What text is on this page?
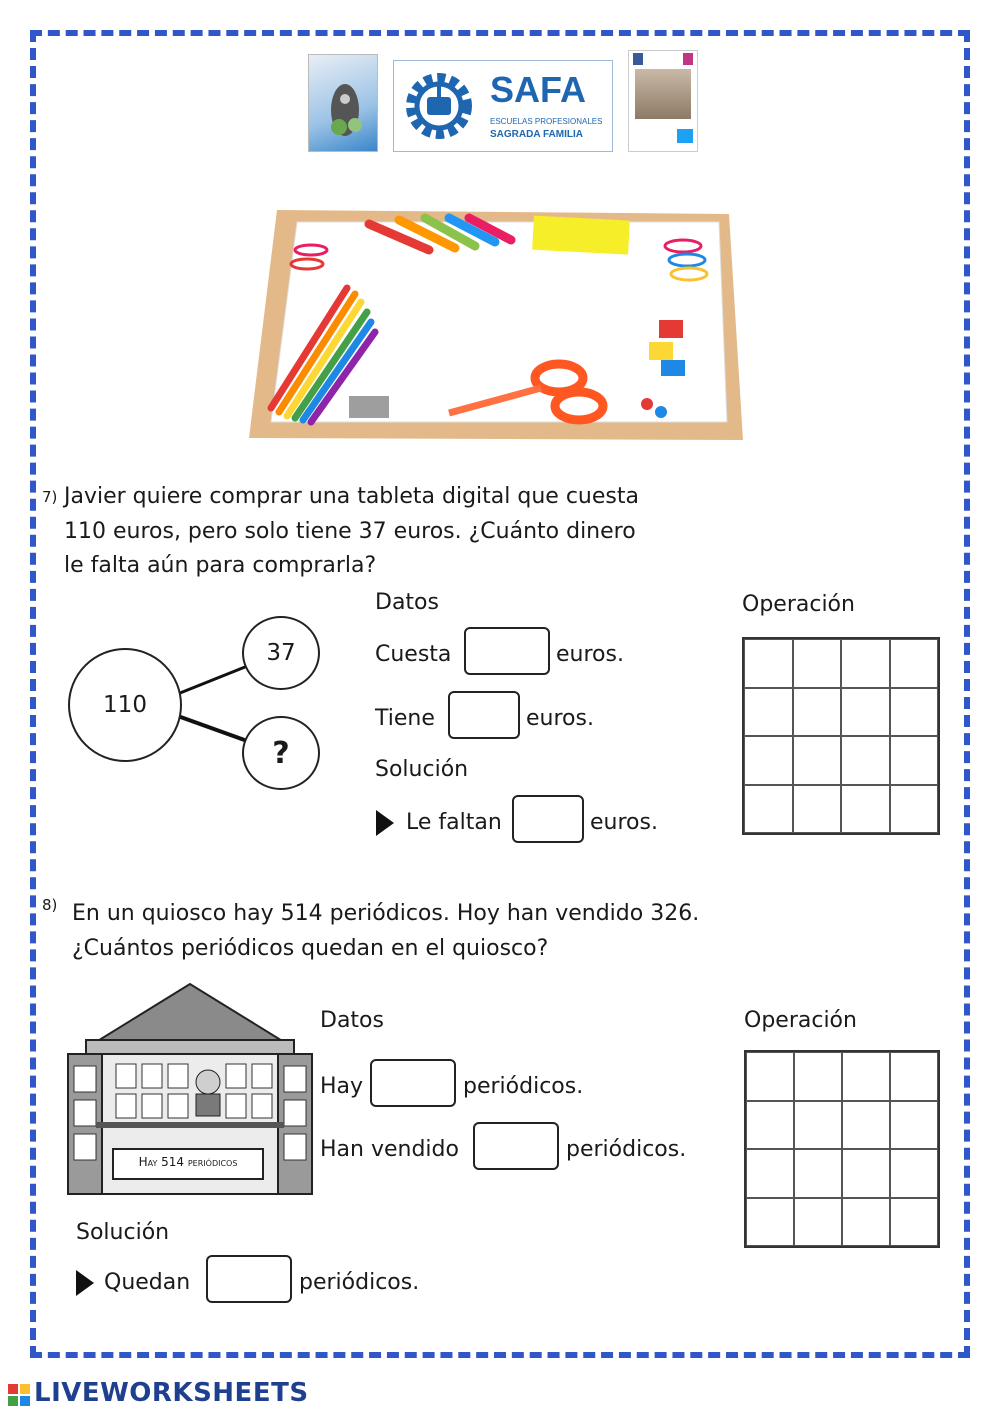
SAFA
ESCUELAS PROFESIONALES
SAGRADA FAMILIA
7) Javier quiere comprar una tableta digital que cuesta
110 euros, pero solo tiene 37 euros. ¿Cuánto dinero
le falta aún para comprarla?
110
37
?
Datos
Cuesta	euros.
Tiene	euros.
Solución
Le faltan	euros.
Operación
8) En un quiosco hay 514 periódicos. Hoy han vendido 326.
¿Cuántos periódicos quedan en el quiosco?
Hay 514 periódicos
Datos
Hay	periódicos.
Han vendido	periódicos.
Solución
Quedan	periódicos.
Operación
LIVEWORKSHEETS
